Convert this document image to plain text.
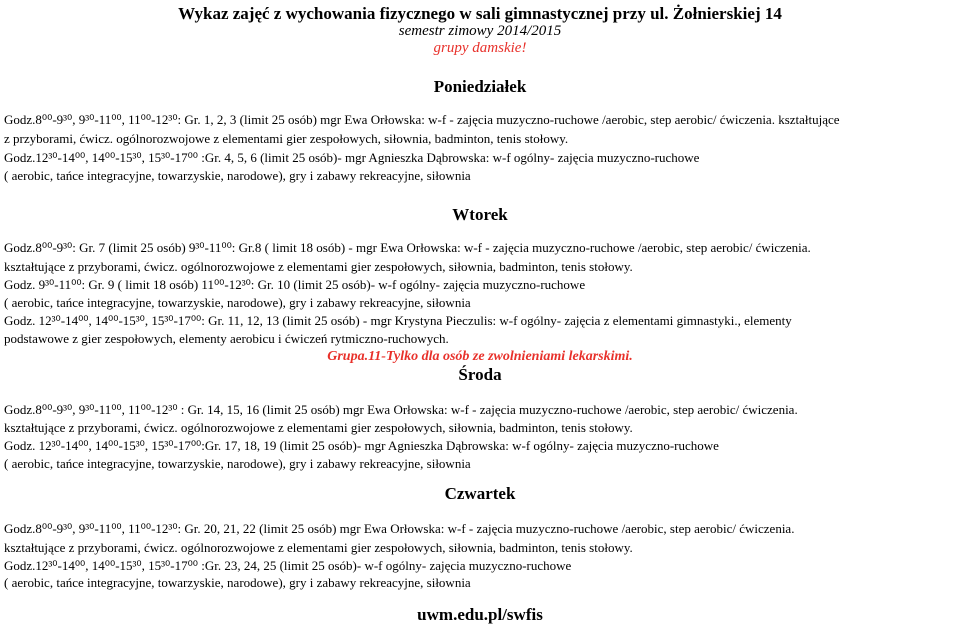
Wykaz zajęć z wychowania fizycznego w sali gimnastycznej przy ul. Żołnierskiej 14
semestr zimowy 2014/2015
grupy damskie!
Poniedziałek
Godz.8⁰⁰-9³⁰, 9³⁰-11⁰⁰, 11⁰⁰-12³⁰: Gr. 1, 2, 3 (limit 25 osób) mgr Ewa Orłowska: w-f - zajęcia muzyczno-ruchowe /aerobic, step aerobic/ ćwiczenia. kształtujące
z przyborami, ćwicz. ogólnorozwojowe z elementami gier zespołowych, siłownia, badminton, tenis stołowy.
Godz.12³⁰-14⁰⁰, 14⁰⁰-15³⁰, 15³⁰-17⁰⁰ :Gr. 4, 5, 6 (limit 25 osób)- mgr Agnieszka Dąbrowska: w-f ogólny- zajęcia muzyczno-ruchowe
( aerobic, tańce integracyjne, towarzyskie, narodowe), gry i zabawy rekreacyjne, siłownia
Wtorek
Godz.8⁰⁰-9³⁰: Gr. 7 (limit 25 osób) 9³⁰-11⁰⁰: Gr.8 ( limit 18 osób) - mgr Ewa Orłowska: w-f - zajęcia muzyczno-ruchowe /aerobic, step aerobic/ ćwiczenia.
kształtujące z przyborami, ćwicz. ogólnorozwojowe z elementami gier zespołowych, siłownia, badminton, tenis stołowy.
Godz. 9³⁰-11⁰⁰: Gr. 9 ( limit 18 osób) 11⁰⁰-12³⁰: Gr. 10 (limit 25 osób)- w-f ogólny- zajęcia muzyczno-ruchowe
( aerobic, tańce integracyjne, towarzyskie, narodowe), gry i zabawy rekreacyjne, siłownia
Godz. 12³⁰-14⁰⁰, 14⁰⁰-15³⁰, 15³⁰-17⁰⁰: Gr. 11, 12, 13 (limit 25 osób) - mgr Krystyna Pieczulis: w-f ogólny- zajęcia z elementami gimnastyki., elementy
podstawowe z gier zespołowych, elementy aerobicu i ćwiczeń rytmiczno-ruchowych.
Grupa.11-Tylko dla osób ze zwolnieniami lekarskimi.
Środa
Godz.8⁰⁰-9³⁰, 9³⁰-11⁰⁰, 11⁰⁰-12³⁰ : Gr. 14, 15, 16 (limit 25 osób) mgr Ewa Orłowska: w-f - zajęcia muzyczno-ruchowe /aerobic, step aerobic/ ćwiczenia.
kształtujące z przyborami, ćwicz. ogólnorozwojowe z elementami gier zespołowych, siłownia, badminton, tenis stołowy.
Godz. 12³⁰-14⁰⁰, 14⁰⁰-15³⁰, 15³⁰-17⁰⁰:Gr. 17, 18, 19 (limit 25 osób)- mgr Agnieszka Dąbrowska: w-f ogólny- zajęcia muzyczno-ruchowe
( aerobic, tańce integracyjne, towarzyskie, narodowe), gry i zabawy rekreacyjne, siłownia
Czwartek
Godz.8⁰⁰-9³⁰, 9³⁰-11⁰⁰, 11⁰⁰-12³⁰: Gr. 20, 21, 22 (limit 25 osób) mgr Ewa Orłowska: w-f - zajęcia muzyczno-ruchowe /aerobic, step aerobic/ ćwiczenia.
kształtujące z przyborami, ćwicz. ogólnorozwojowe z elementami gier zespołowych, siłownia, badminton, tenis stołowy.
Godz.12³⁰-14⁰⁰, 14⁰⁰-15³⁰, 15³⁰-17⁰⁰ :Gr. 23, 24, 25 (limit 25 osób)- w-f ogólny- zajęcia muzyczno-ruchowe
( aerobic, tańce integracyjne, towarzyskie, narodowe), gry i zabawy rekreacyjne, siłownia
uwm.edu.pl/swfis
